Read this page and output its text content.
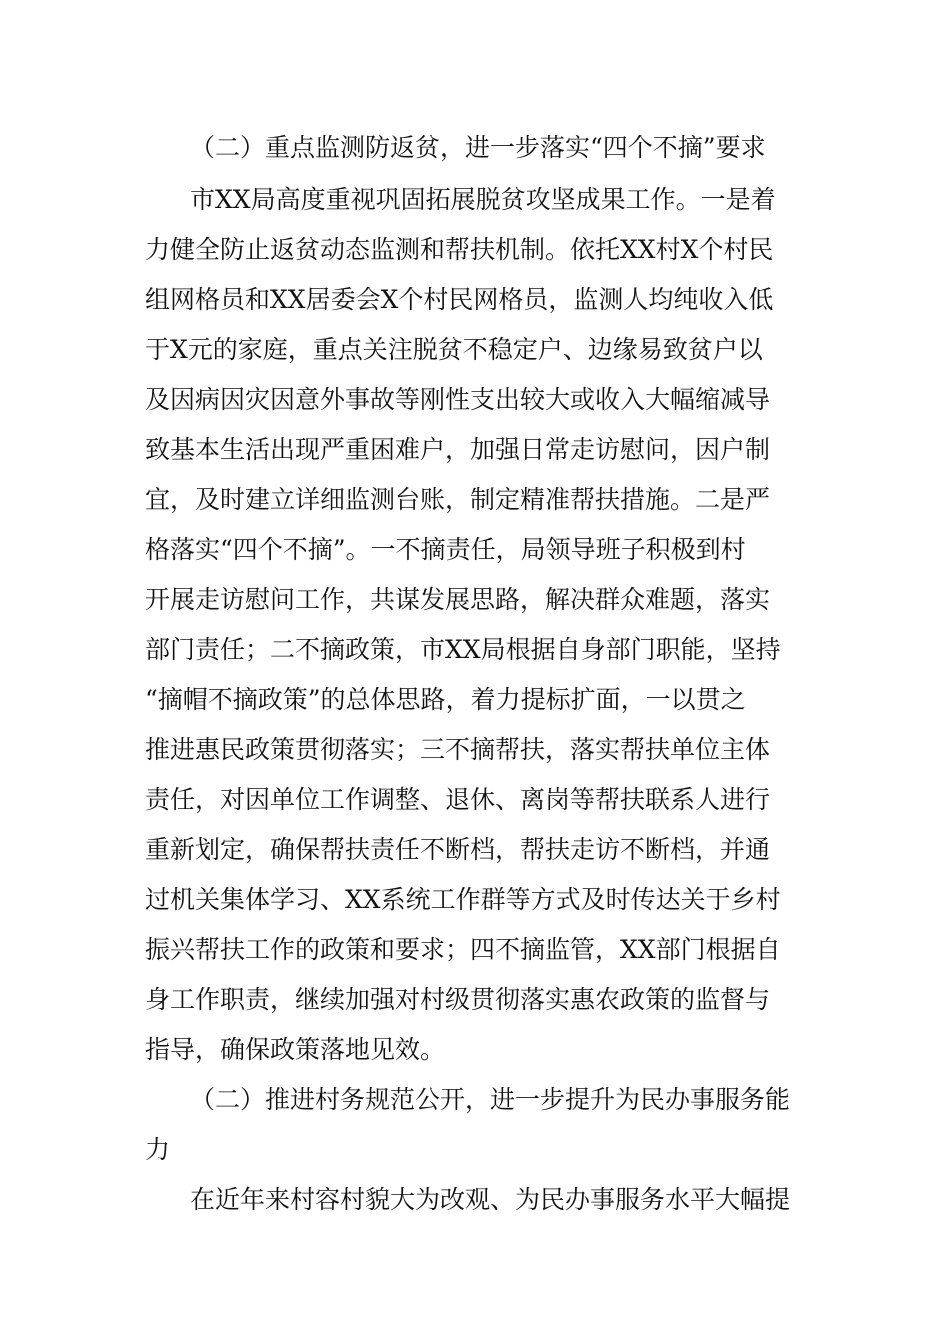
（二）重点监测防返贫，进一步落实“四个不摘”要求
市XX局高度重视巩固拓展脱贫攻坚成果工作。一是着
力健全防止返贫动态监测和帮扶机制。依托XX村X个村民
组网格员和XX居委会X个村民网格员，监测人均纯收入低
于X元的家庭，重点关注脱贫不稳定户、边缘易致贫户以
及因病因灾因意外事故等刚性支出较大或收入大幅缩减导
致基本生活出现严重困难户，加强日常走访慰问，因户制
宜，及时建立详细监测台账，制定精准帮扶措施。二是严
格落实“四个不摘”。一不摘责任，局领导班子积极到村
开展走访慰问工作，共谋发展思路，解决群众难题，落实
部门责任；二不摘政策，市XX局根据自身部门职能，坚持
“摘帽不摘政策”的总体思路，着力提标扩面，一以贯之
推进惠民政策贯彻落实；三不摘帮扶，落实帮扶单位主体
责任，对因单位工作调整、退休、离岗等帮扶联系人进行
重新划定，确保帮扶责任不断档，帮扶走访不断档，并通
过机关集体学习、XX系统工作群等方式及时传达关于乡村
振兴帮扶工作的政策和要求；四不摘监管，XX部门根据自
身工作职责，继续加强对村级贯彻落实惠农政策的监督与
指导，确保政策落地见效。
（二）推进村务规范公开，进一步提升为民办事服务能
力
在近年来村容村貌大为改观、为民办事服务水平大幅提
